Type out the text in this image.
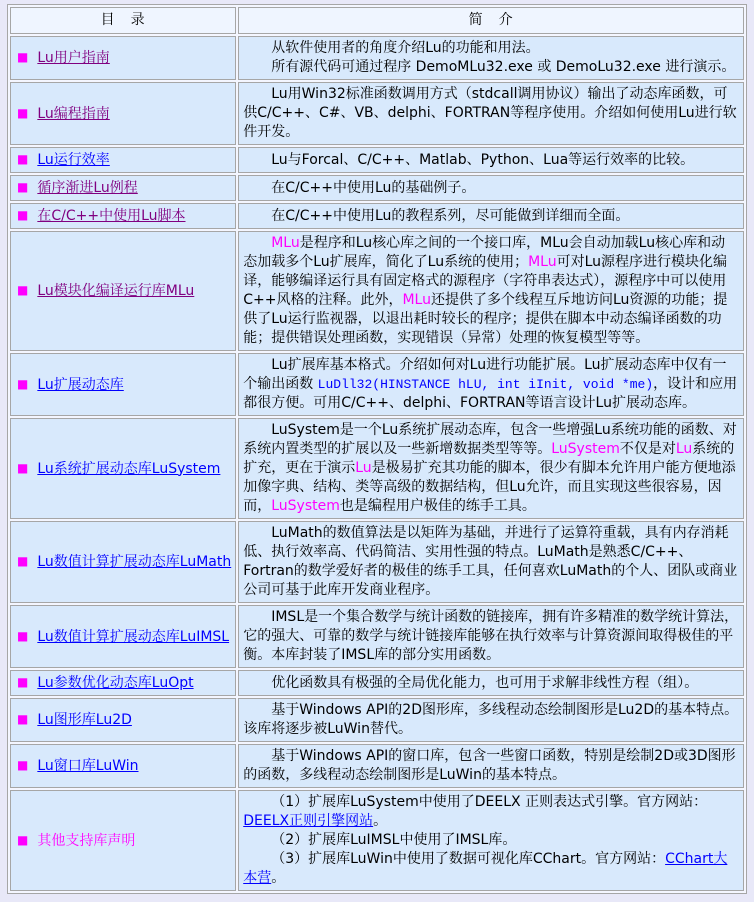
目　录	简　介
■ Lu用户指南	从软件使用者的角度介绍Lu的功能和用法。

所有源代码可通过程序 DemoMLu32.exe 或 DemoLu32.exe 进行演示。

■ Lu编程指南	Lu用Win32标准函数调用方式（stdcall调用协议）输出了动态库函数，可供C/C++、C#、VB、delphi、FORTRAN等程序使用。介绍如何使用Lu进行软件开发。

■ Lu运行效率	Lu与Forcal、C/C++、Matlab、Python、Lua等运行效率的比较。

■ 循序渐进Lu例程	在C/C++中使用Lu的基础例子。

■ 在C/C++中使用Lu脚本	在C/C++中使用Lu的教程系列，尽可能做到详细而全面。

■ Lu模块化编译运行库MLu	MLu是程序和Lu核心库之间的一个接口库，MLu会自动加载Lu核心库和动态加载多个Lu扩展库，简化了Lu系统的使用；MLu可对Lu源程序进行模块化编译，能够编译运行具有固定格式的源程序（字符串表达式），源程序中可以使用C++风格的注释。此外，MLu还提供了多个线程互斥地访问Lu资源的功能；提供了Lu运行监视器，以退出耗时较长的程序；提供在脚本中动态编译函数的功能；提供错误处理函数，实现错误（异常）处理的恢复模型等等。

■ Lu扩展动态库	Lu扩展库基本格式。介绍如何对Lu进行功能扩展。Lu扩展动态库中仅有一个输出函数 LuDll32(HINSTANCE hLU, int iInit, void *me)，设计和应用都很方便。可用C/C++、delphi、FORTRAN等语言设计Lu扩展动态库。

■ Lu系统扩展动态库LuSystem	LuSystem是一个Lu系统扩展动态库，包含一些增强Lu系统功能的函数、对系统内置类型的扩展以及一些新增数据类型等等。LuSystem不仅是对Lu系统的扩充，更在于演示Lu是极易扩充其功能的脚本，很少有脚本允许用户能方便地添加像字典、结构、类等高级的数据结构，但Lu允许，而且实现这些很容易，因而，LuSystem也是编程用户极佳的练手工具。

■ Lu数值计算扩展动态库LuMath	LuMath的数值算法是以矩阵为基础，并进行了运算符重载，具有内存消耗低、执行效率高、代码简洁、实用性强的特点。LuMath是熟悉C/C++、Fortran的数学爱好者的极佳的练手工具，任何喜欢LuMath的个人、团队或商业公司可基于此库开发商业程序。

■ Lu数值计算扩展动态库LuIMSL	IMSL是一个集合数学与统计函数的链接库，拥有许多精准的数学统计算法，它的强大、可靠的数学与统计链接库能够在执行效率与计算资源间取得极佳的平衡。本库封装了IMSL库的部分实用函数。

■ Lu参数优化动态库LuOpt	优化函数具有极强的全局优化能力，也可用于求解非线性方程（组）。

■ Lu图形库Lu2D	基于Windows API的2D图形库，多线程动态绘制图形是Lu2D的基本特点。　该库将逐步被LuWin替代。

■ Lu窗口库LuWin	基于Windows API的窗口库，包含一些窗口函数，特别是绘制2D或3D图形的函数，多线程动态绘制图形是LuWin的基本特点。

■ 其他支持库声明	（1）扩展库LuSystem中使用了DEELX 正则表达式引擎。官方网站：DEELX正则引擎网站。

（2）扩展库LuIMSL中使用了IMSL库。

（3）扩展库LuWin中使用了数据可视化库CChart。官方网站：CChart大本营。
